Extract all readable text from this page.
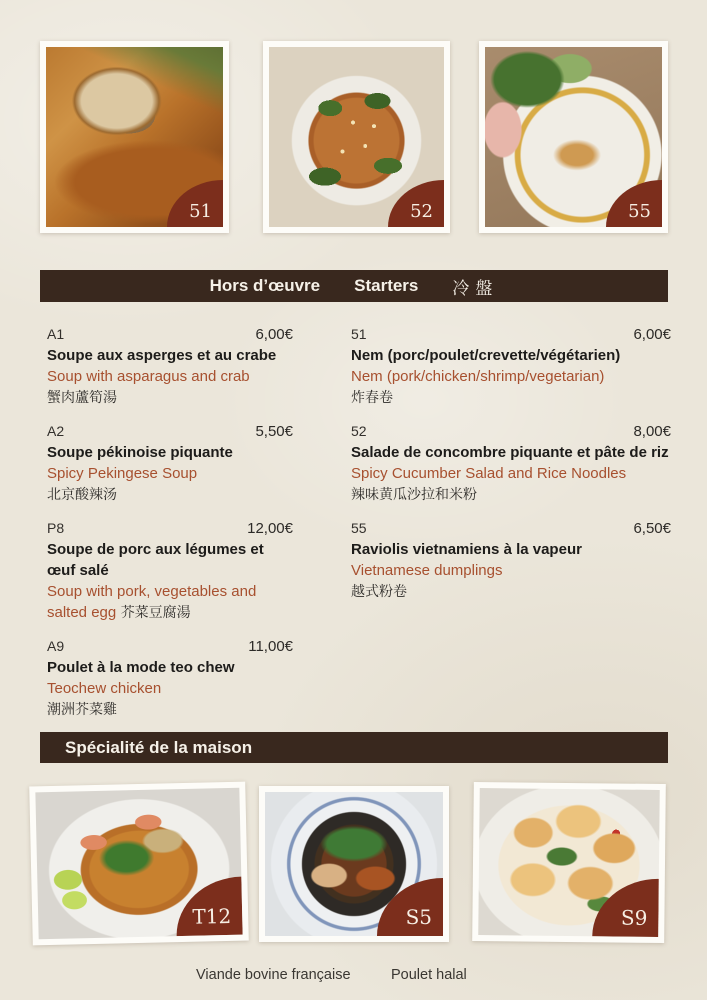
51	52	55
Hors d’œuvre Starters 冷盤
A1	6,00€
Soupe aux asperges et au crabe
Soup with asparagus and crab
蟹肉蘆筍湯
A2	5,50€
Soupe pékinoise piquante
Spicy Pekingese Soup
北京酸辣汤
P8	12,00€
Soupe de porc aux légumes et œuf salé
Soup with pork, vegetables and salted egg 芥菜豆腐湯
A9	11,00€
Poulet à la mode teo chew
Teochew chicken
潮洲芥菜雞
51	6,00€
Nem (porc/poulet/crevette/végétarien)
Nem (pork/chicken/shrimp/vegetarian)
炸春卷
52	8,00€
Salade de concombre piquante et pâte de riz
Spicy Cucumber Salad and Rice Noodles
辣味黄瓜沙拉和米粉
55	6,50€
Raviolis vietnamiens à la vapeur
Vietnamese dumplings
越式粉卷
Spécialité de la maison
T12	S5	S9
Viande bovine française	Poulet halal
